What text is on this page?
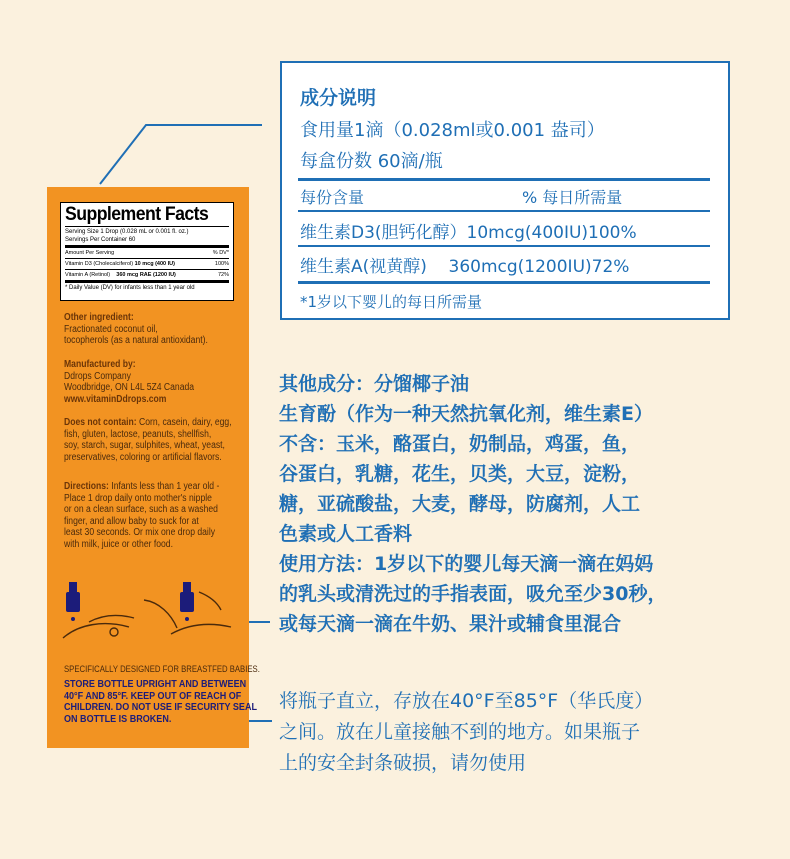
Supplement Facts
Serving Size 1 Drop (0.028 mL or 0.001 fl. oz.)
Servings Per Container 60
Amount Per Serving	% DV*
Vitamin D3 (Cholecalciferol) 10 mcg (400 IU)	100%
Vitamin A (Retinol) 360 mcg RAE (1200 IU)	72%
* Daily Value (DV) for infants less than 1 year old
Other ingredient:
Fractionated coconut oil,
tocopherols (as a natural antioxidant).
Manufactured by:
Ddrops Company
Woodbridge, ON L4L 5Z4 Canada
www.vitaminDdrops.com
Does not contain: Corn, casein, dairy, egg,
fish, gluten, lactose, peanuts, shellfish,
soy, starch, sugar, sulphites, wheat, yeast,
preservatives, coloring or artificial flavors.
Directions: Infants less than 1 year old -
Place 1 drop daily onto mother's nipple
or on a clean surface, such as a washed
finger, and allow baby to suck for at
least 30 seconds. Or mix one drop daily
with milk, juice or other food.
SPECIFICALLY DESIGNED FOR BREASTFED BABIES.
STORE BOTTLE UPRIGHT AND BETWEEN
40°F AND 85°F. KEEP OUT OF REACH OF
CHILDREN. DO NOT USE IF SECURITY SEAL
ON BOTTLE IS BROKEN.
成分说明
食用量1滴（0.028ml或0.001 盎司）
每盒份数 60滴/瓶
每份含量	% 每日所需量
维生素D3(胆钙化醇）10mcg(400IU)100%
维生素A(视黄醇)    360mcg(1200IU)72%
*1岁以下婴儿的每日所需量
其他成分：分馏椰子油
生育酚（作为一种天然抗氧化剂，维生素E）
不含：玉米，酪蛋白，奶制品，鸡蛋，鱼，
谷蛋白，乳糖，花生，贝类，大豆，淀粉，
糖，亚硫酸盐，大麦，酵母，防腐剂，人工
色素或人工香料
使用方法：1岁以下的婴儿每天滴一滴在妈妈
的乳头或清洗过的手指表面，吸允至少30秒，
或每天滴一滴在牛奶、果汁或辅食里混合
将瓶子直立，存放在40°F至85°F（华氏度）
之间。放在儿童接触不到的地方。如果瓶子
上的安全封条破损，请勿使用
